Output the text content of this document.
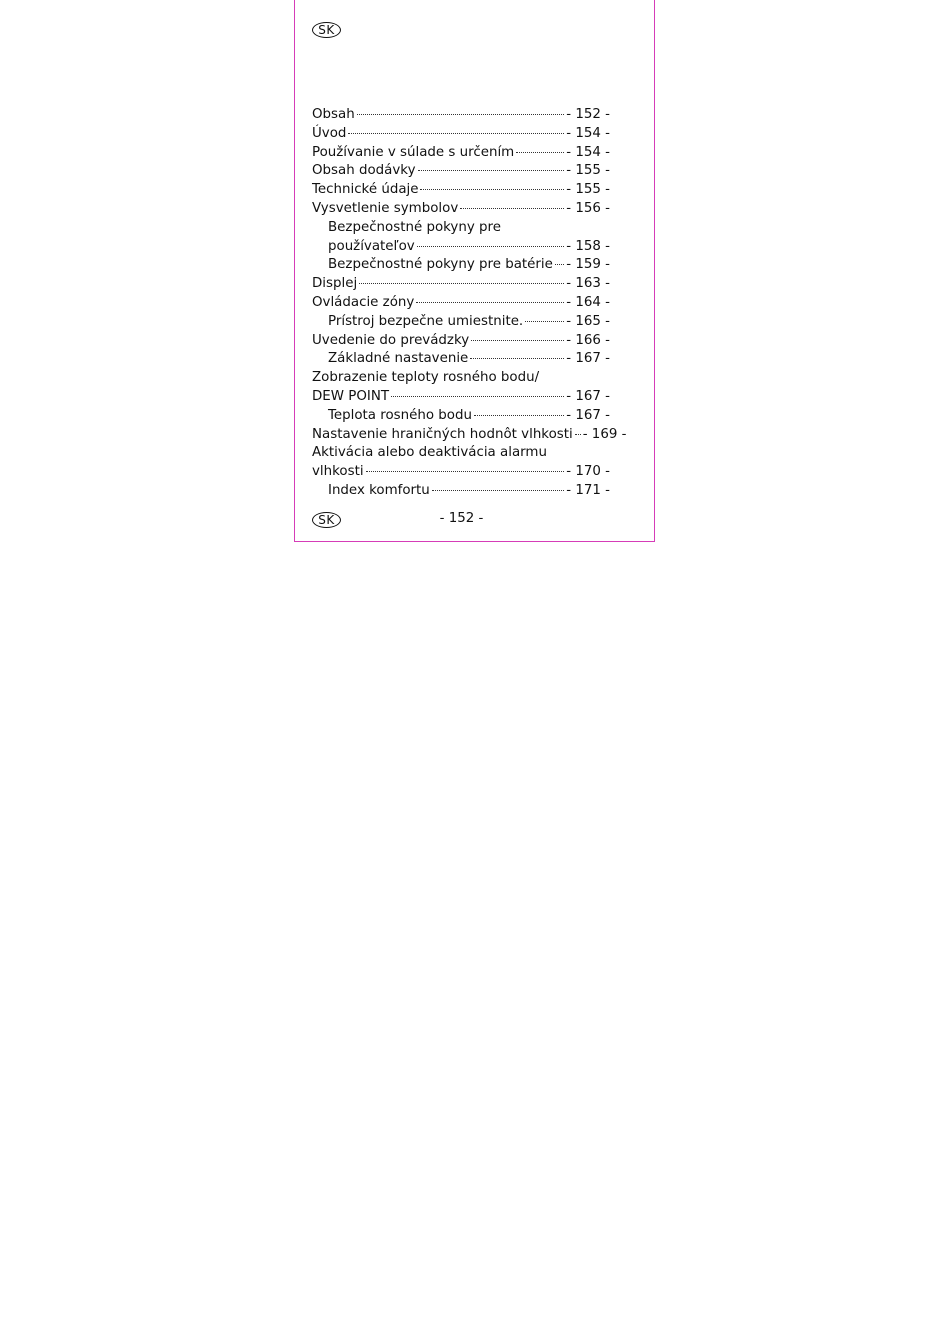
SK
Obsah	- 152 -
Úvod	- 154 -
Používanie v súlade s určením	- 154 -
Obsah dodávky	- 155 -
Technické údaje	- 155 -
Vysvetlenie symbolov	- 156 -
Bezpečnostné pokyny pre
používateľov	- 158 -
Bezpečnostné pokyny pre batérie - 159 -
Displej	- 163 -
Ovládacie zóny	- 164 -
Prístroj bezpečne umiestnite.	- 165 -
Uvedenie do prevádzky	- 166 -
Základné nastavenie	- 167 -
Zobrazenie teploty rosného bodu/
DEW POINT	- 167 -
Teplota rosného bodu	- 167 -
Nastavenie hraničných hodnôt vlhkosti - 169 -
Aktivácia alebo deaktivácia alarmu
vlhkosti	- 170 -
Index komfortu	- 171 -
SK	- 152 -
